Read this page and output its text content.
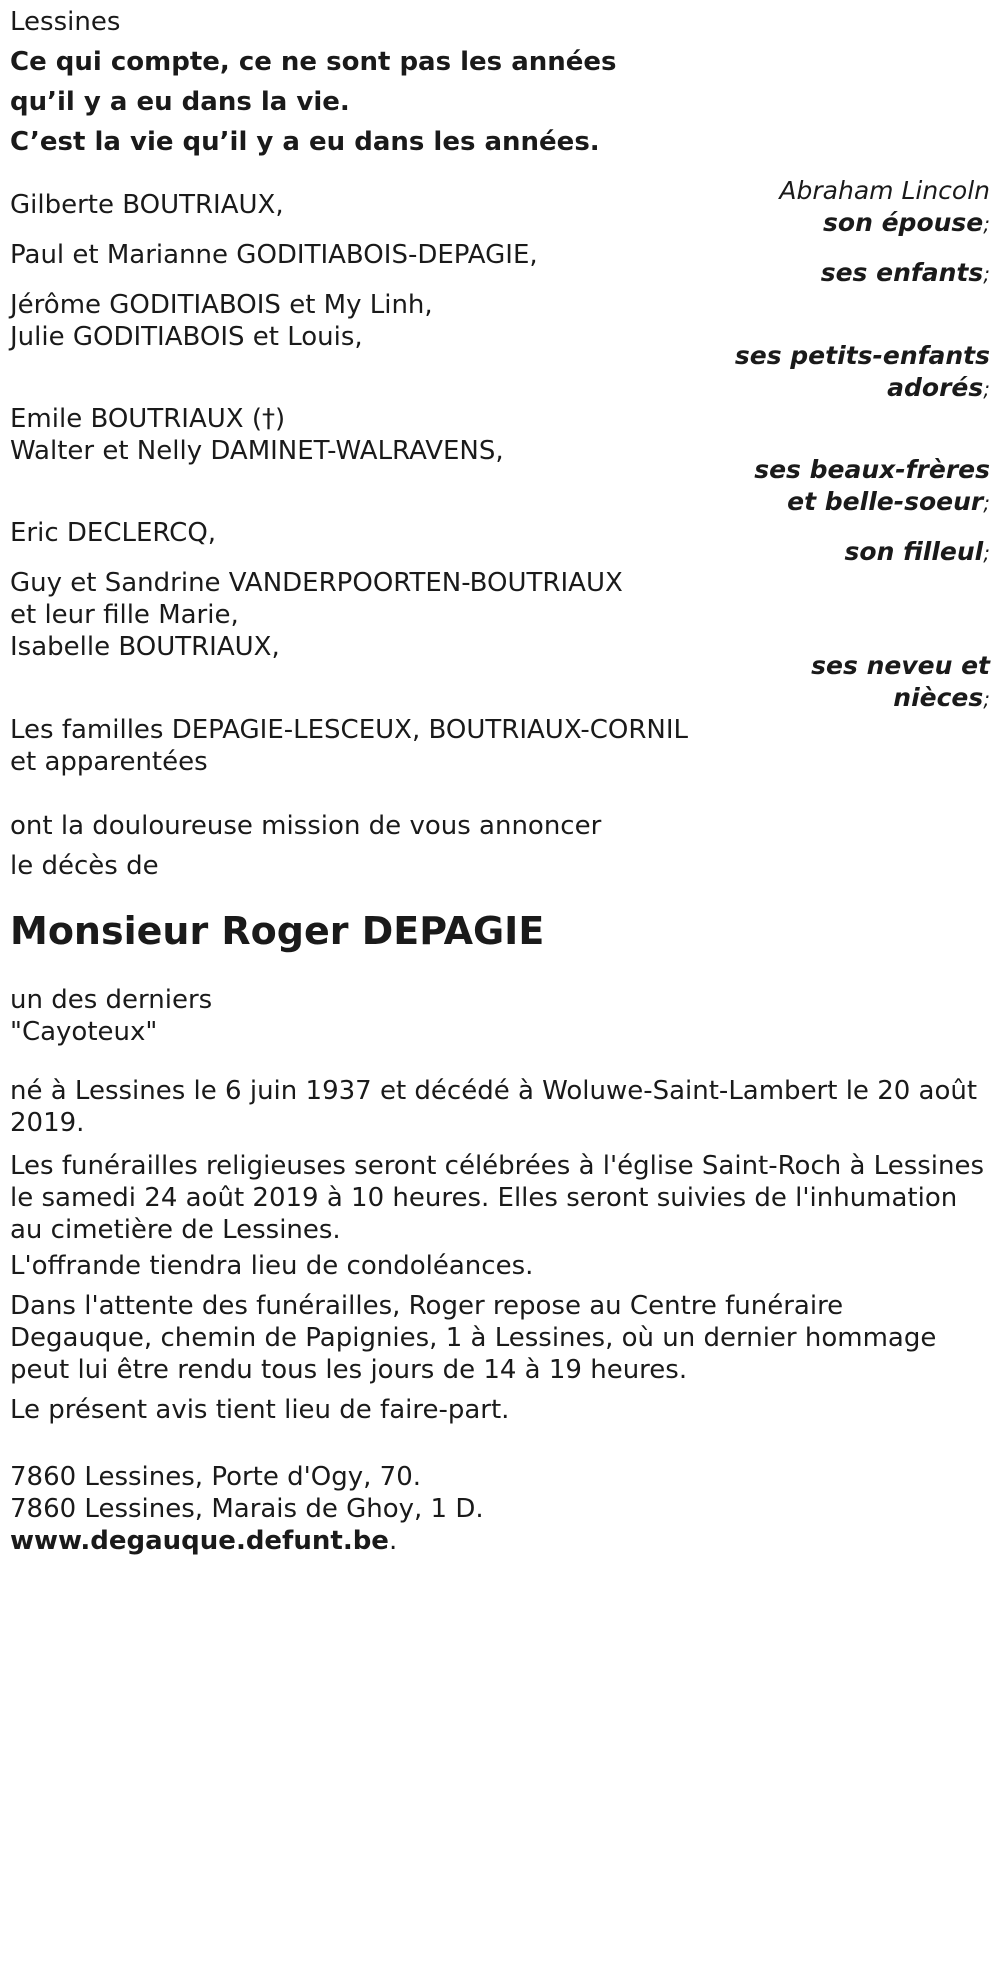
Lessines
Ce qui compte, ce ne sont pas les années
qu’il y a eu dans la vie.
C’est la vie qu’il y a eu dans les années.
Abraham Lincoln
Gilberte BOUTRIAUX,
son épouse;
Paul et Marianne GODITIABOIS-DEPAGIE,
ses enfants;
Jérôme GODITIABOIS et My Linh,
Julie GODITIABOIS et Louis,
ses petits-enfants
adorés;
Emile BOUTRIAUX (†)
Walter et Nelly DAMINET-WALRAVENS,
ses beaux-frères
et belle-soeur;
Eric DECLERCQ,
son filleul;
Guy et Sandrine VANDERPOORTEN-BOUTRIAUX
et leur fille Marie,
Isabelle BOUTRIAUX,
ses neveu et
nièces;
Les familles DEPAGIE-LESCEUX, BOUTRIAUX-CORNIL
et apparentées
ont la douloureuse mission de vous annoncer
le décès de
Monsieur Roger DEPAGIE
un des derniers
"Cayoteux"
né à Lessines le 6 juin 1937 et décédé à Woluwe-Saint-Lambert le 20 août 2019.
Les funérailles religieuses seront célébrées à l'église Saint-Roch à Lessines le samedi 24 août 2019 à 10 heures. Elles seront suivies de l'inhumation au cimetière de Lessines.
L'offrande tiendra lieu de condoléances.
Dans l'attente des funérailles, Roger repose au Centre funéraire Degauque, chemin de Papignies, 1 à Lessines, où un dernier hommage peut lui être rendu tous les jours de 14 à 19 heures.
Le présent avis tient lieu de faire-part.
7860 Lessines, Porte d'Ogy, 70.
7860 Lessines, Marais de Ghoy, 1 D.
www.degauque.defunt.be.
